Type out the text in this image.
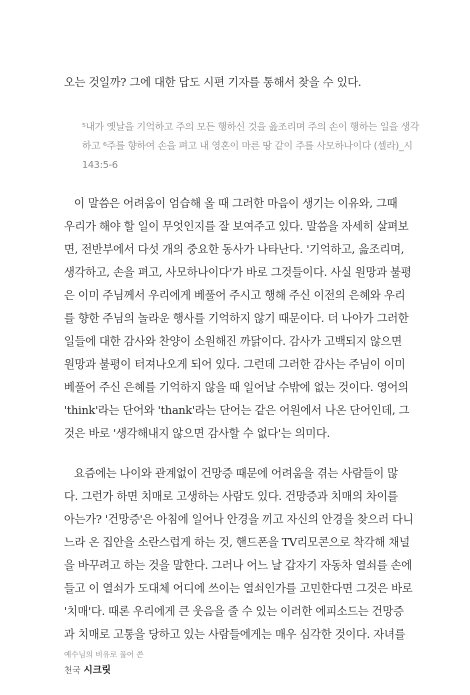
오는 것일까? 그에 대한 답도 시편 기자를 통해서 찾을 수 있다.
⁵내가 옛날을 기억하고 주의 모든 행하신 것을 읊조리며 주의 손이 행하는 일을 생각
하고 ⁶주를 향하여 손을 펴고 내 영혼이 마른 땅 같이 주를 사모하나이다 (셀라)_시
143:5-6
이 말씀은 어려움이 엄습해 올 때 그러한 마음이 생기는 이유와, 그때
우리가 해야 할 일이 무엇인지를 잘 보여주고 있다. 말씀을 자세히 살펴보
면, 전반부에서 다섯 개의 중요한 동사가 나타난다. '기억하고, 읊조리며,
생각하고, 손을 펴고, 사모하나이다'가 바로 그것들이다. 사실 원망과 불평
은 이미 주님께서 우리에게 베풀어 주시고 행해 주신 이전의 은혜와 우리
를 향한 주님의 놀라운 행사를 기억하지 않기 때문이다. 더 나아가 그러한
일들에 대한 감사와 찬양이 소원해진 까닭이다. 감사가 고백되지 않으면
원망과 불평이 터져나오게 되어 있다. 그런데 그러한 감사는 주님이 이미
베풀어 주신 은혜를 기억하지 않을 때 일어날 수밖에 없는 것이다. 영어의
'think'라는 단어와 'thank'라는 단어는 같은 어원에서 나온 단어인데, 그
것은 바로 '생각해내지 않으면 감사할 수 없다'는 의미다.
요즘에는 나이와 관계없이 건망증 때문에 어려움을 겪는 사람들이 많
다. 그런가 하면 치매로 고생하는 사람도 있다. 건망증과 치매의 차이를
아는가? '건망증'은 아침에 일어나 안경을 끼고 자신의 안경을 찾으러 다니
느라 온 집안을 소란스럽게 하는 것, 핸드폰을 TV리모콘으로 착각해 채널
을 바꾸려고 하는 것을 말한다. 그러나 어느 날 갑자기 자동차 열쇠를 손에
들고 이 열쇠가 도대체 어디에 쓰이는 열쇠인가를 고민한다면 그것은 바로
'치매'다. 때론 우리에게 큰 웃음을 줄 수 있는 이러한 에피소드는 건망증
과 치매로 고통을 당하고 있는 사람들에게는 매우 심각한 것이다. 자녀를
예수님의 비유로 풀어 쓴
천국 시크릿
